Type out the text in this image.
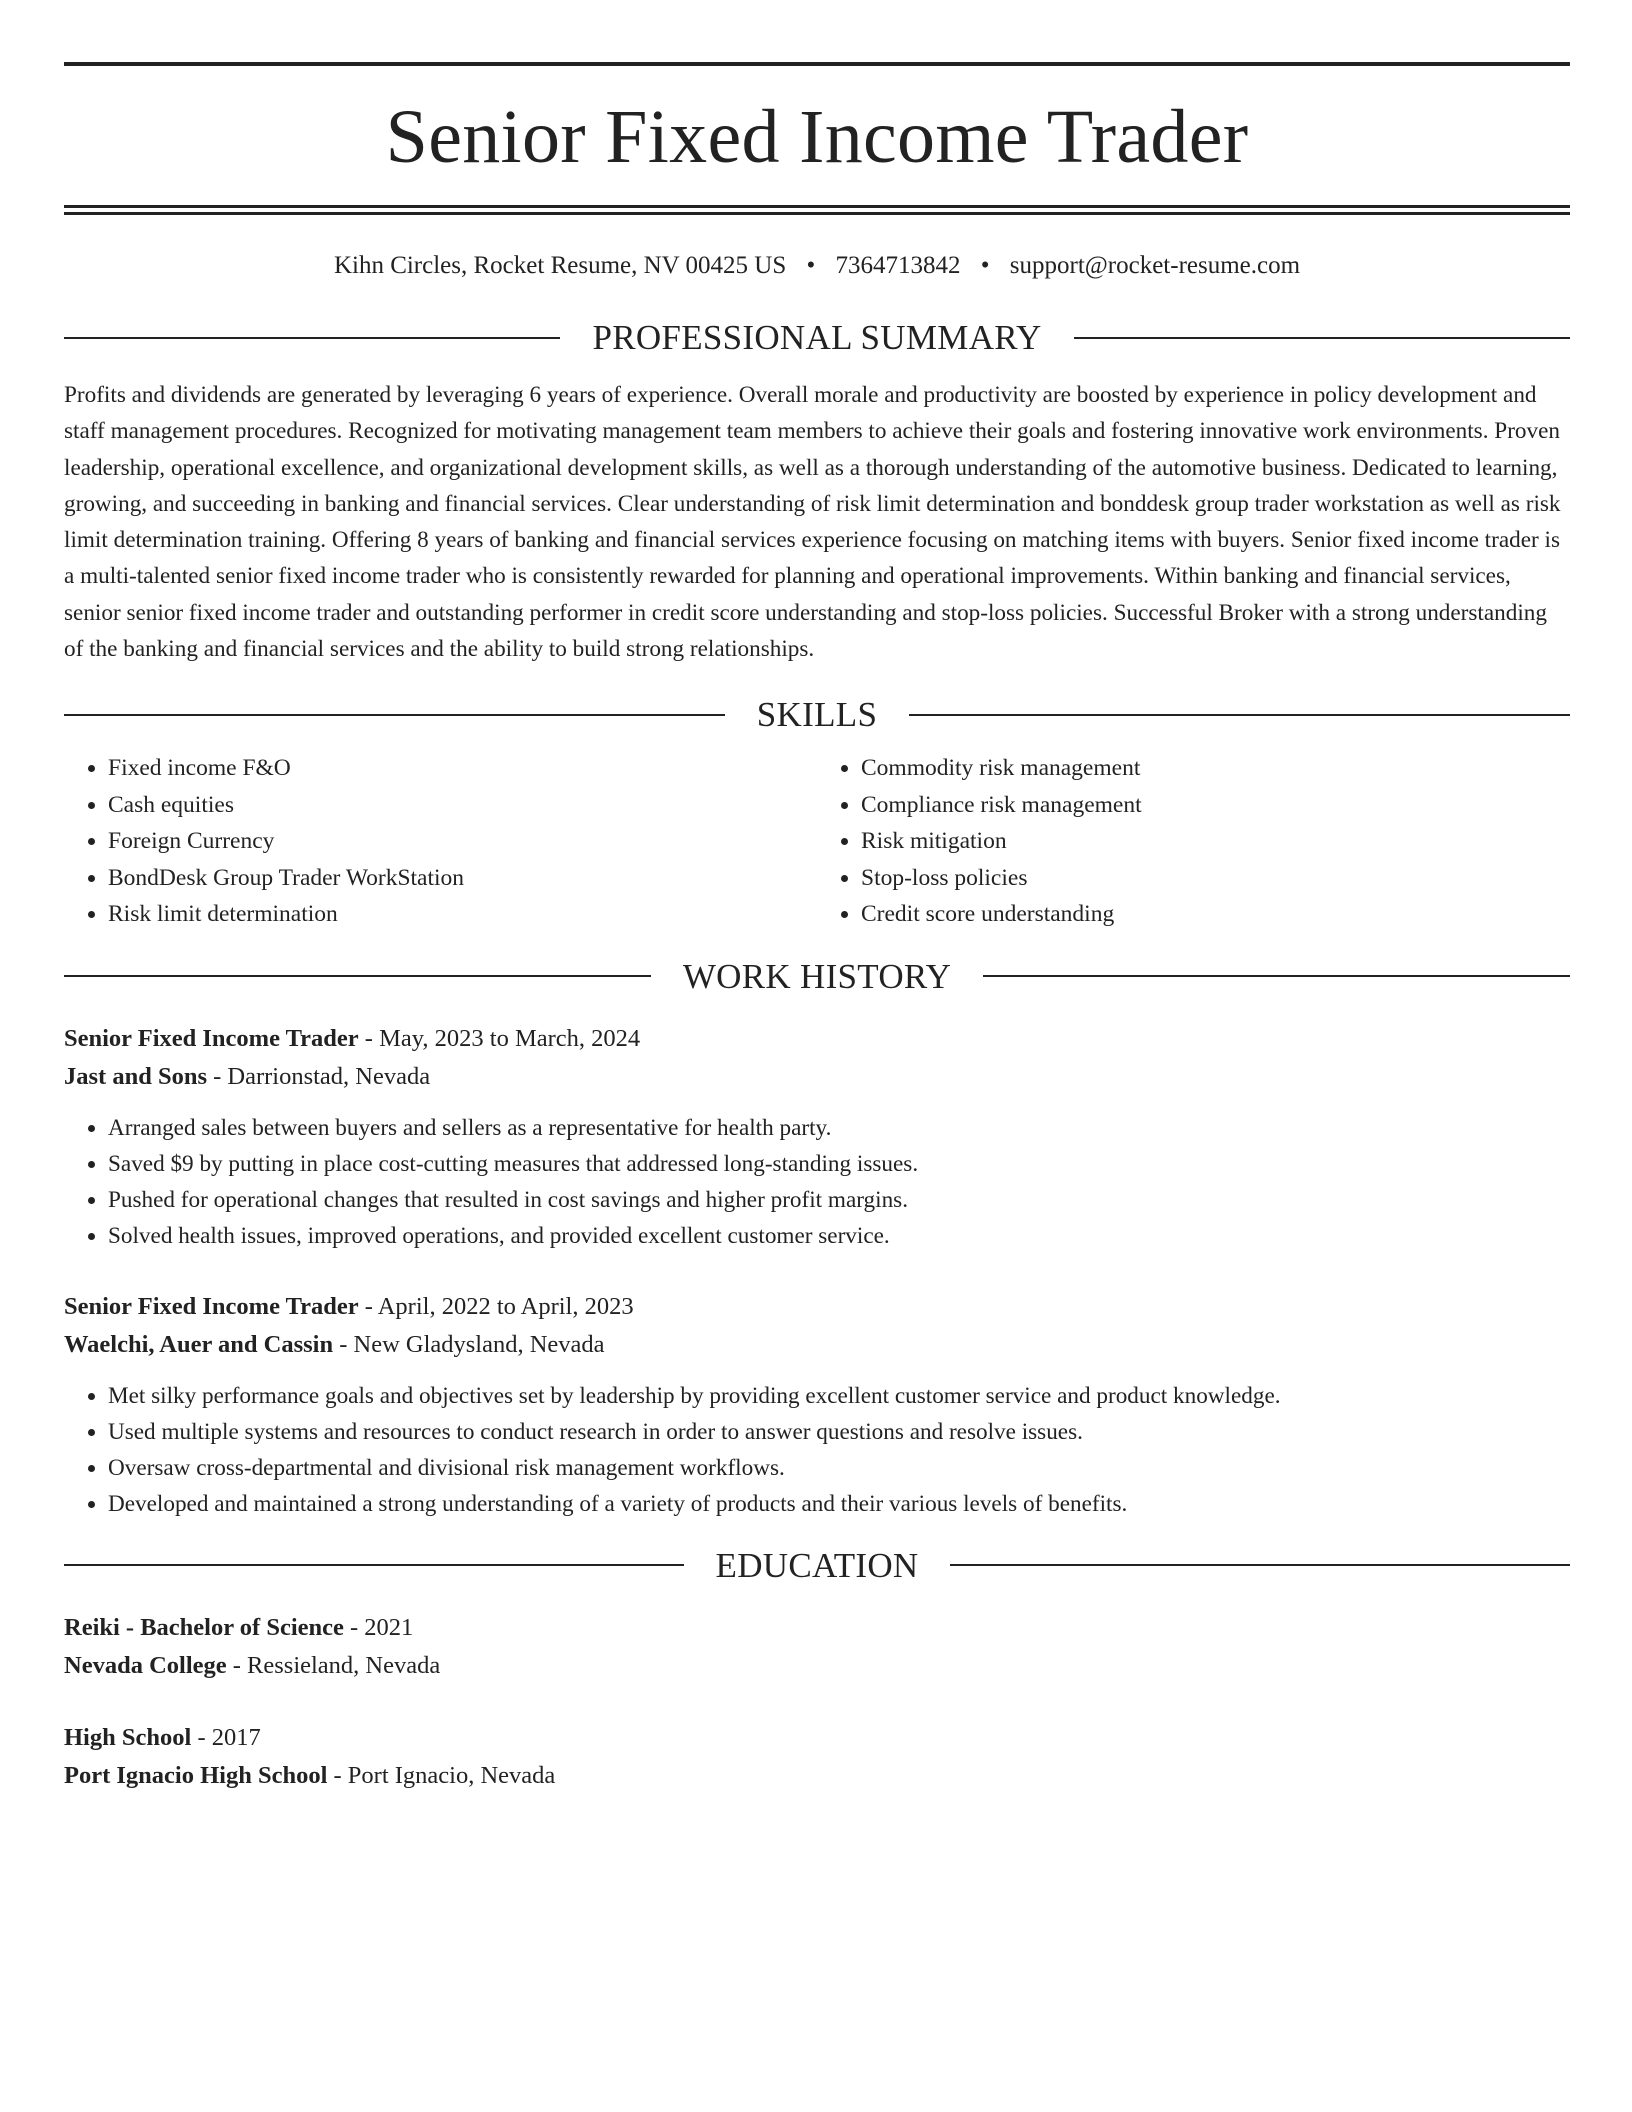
Senior Fixed Income Trader
Kihn Circles, Rocket Resume, NV 00425 US • 7364713842 • support@rocket-resume.com
PROFESSIONAL SUMMARY

Profits and dividends are generated by leveraging 6 years of experience. Overall morale and productivity are boosted by experience in policy development and staff management procedures. Recognized for motivating management team members to achieve their goals and fostering innovative work environments. Proven leadership, operational excellence, and organizational development skills, as well as a thorough understanding of the automotive business. Dedicated to learning, growing, and succeeding in banking and financial services. Clear understanding of risk limit determination and bonddesk group trader workstation as well as risk limit determination training. Offering 8 years of banking and financial services experience focusing on matching items with buyers. Senior fixed income trader is a multi-talented senior fixed income trader who is consistently rewarded for planning and operational improvements. Within banking and financial services, senior senior fixed income trader and outstanding performer in credit score understanding and stop-loss policies. Successful Broker with a strong understanding of the banking and financial services and the ability to build strong relationships.

SKILLS
• Fixed income F&O
• Cash equities
• Foreign Currency
• BondDesk Group Trader WorkStation
• Risk limit determination
• Commodity risk management
• Compliance risk management
• Risk mitigation
• Stop-loss policies
• Credit score understanding
WORK HISTORY
Senior Fixed Income Trader - May, 2023 to March, 2024
Jast and Sons - Darrionstad, Nevada
• Arranged sales between buyers and sellers as a representative for health party.
• Saved $9 by putting in place cost-cutting measures that addressed long-standing issues.
• Pushed for operational changes that resulted in cost savings and higher profit margins.
• Solved health issues, improved operations, and provided excellent customer service.
Senior Fixed Income Trader - April, 2022 to April, 2023
Waelchi, Auer and Cassin - New Gladysland, Nevada
• Met silky performance goals and objectives set by leadership by providing excellent customer service and product knowledge.
• Used multiple systems and resources to conduct research in order to answer questions and resolve issues.
• Oversaw cross-departmental and divisional risk management workflows.
• Developed and maintained a strong understanding of a variety of products and their various levels of benefits.
EDUCATION
Reiki - Bachelor of Science - 2021
Nevada College - Ressieland, Nevada
High School - 2017
Port Ignacio High School - Port Ignacio, Nevada
